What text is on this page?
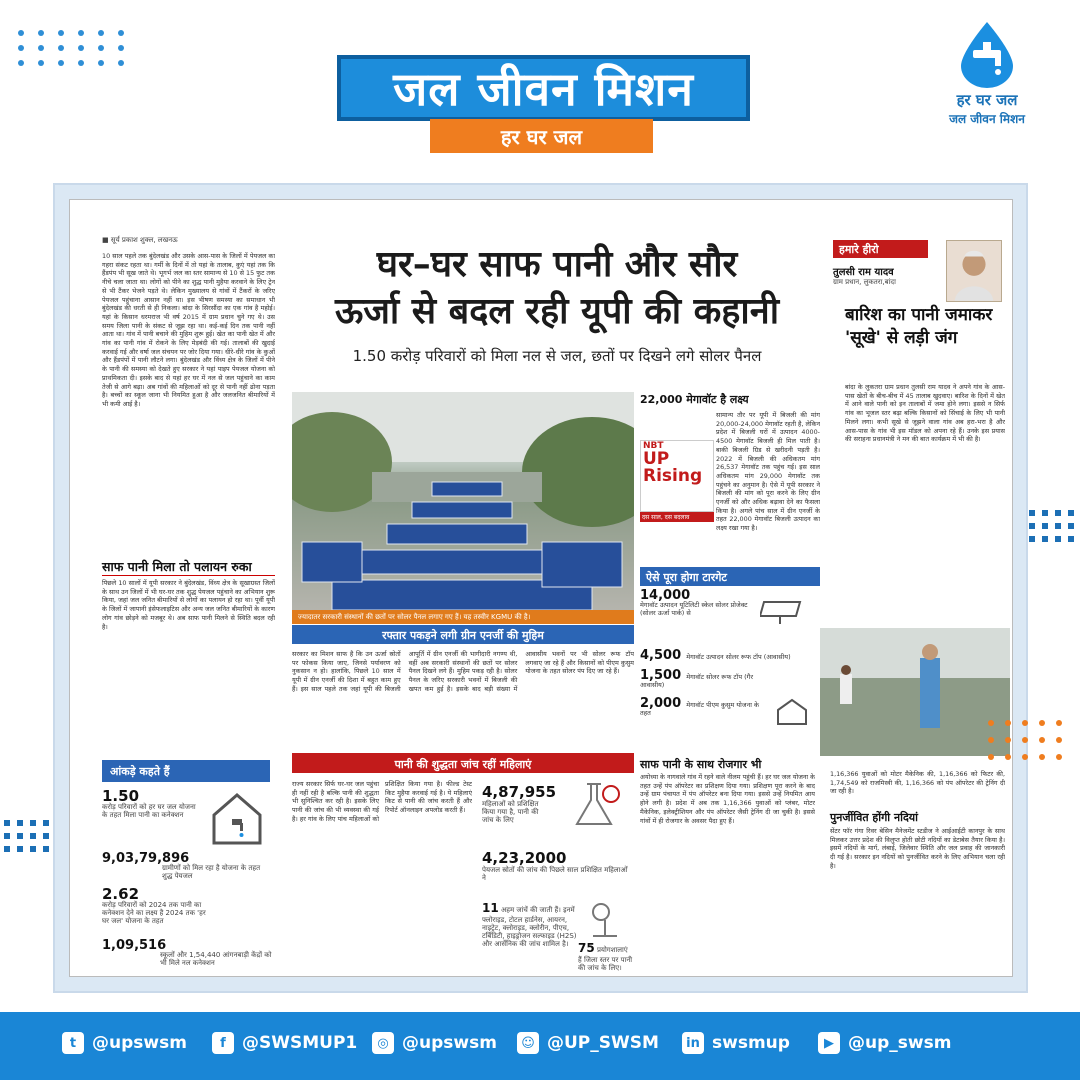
जल जीवन मिशन
हर घर जल
हर घर जल
जल जीवन मिशन
■ सूर्य प्रकाश शुक्ल, लखनऊ
10 साल पहले तक बुंदेलखंड और उसके आस-पास के जिलों में पेयजल का गहरा संकट रहता था। गर्मी के दिनों में तो यहां के तालाब, कुएं यहां तक कि हैंडपंप भी सूख जाते थे। भूगर्भ जल का स्तर सामान्य से 10 से 15 फुट तक नीचे चला जाता था। लोगों को पीने का शुद्ध पानी मुहैया करवाने के लिए ट्रेन से भी टैंकर भेजने पड़ते थे। लेकिन मुख्यालय से गांवों में टैंकरों के जरिए पेयजल पहुंचाना आसान नहीं था। इस भीषण समस्या का समाधान भी बुंदेलखंड की धरती से ही निकला। बांदा के सिरसौंदा का एक गांव है महोई। यहां के किसान धरमराज भी वर्ष 2015 में ग्राम प्रधान चुने गए थे। उस समय जिला पानी के संकट से जूझ रहा था। कई-कई दिन तक पानी नहीं आता था। गांव में पानी बचाने की मुहिम शुरू हुई। खेत का पानी खेत में और गांव का पानी गांव में रोकने के लिए मेड़बंदी की गई। तालाबों की खुदाई करवाई गई और वर्षा जल संचयन पर जोर दिया गया। धीरे-धीरे गांव के कुओं और हैंडपंपों में पानी लौटने लगा। बुंदेलखंड और विंध्य क्षेत्र के जिलों में पीने के पानी की समस्या को देखते हुए सरकार ने यहां पाइप पेयजल योजना को प्राथमिकता दी। इसके बाद से यहां हर घर में नल से जल पहुंचाने का काम तेजी से आगे बढ़ा। अब गांवों की महिलाओं को दूर से पानी नहीं ढोना पड़ता है। बच्चों का स्कूल जाना भी नियमित हुआ है और जलजनित बीमारियों में भी कमी आई है।
साफ पानी मिला तो पलायन रुका
पिछले 10 सालों में यूपी सरकार ने बुंदेलखंड, विंध्य क्षेत्र के सूखाग्रस्त जिलों के साथ उन जिलों में भी घर-घर तक शुद्ध पेयजल पहुंचाने का अभियान शुरू किया, जहां जल जनित बीमारियों से लोगों का पलायन हो रहा था। पूर्वी यूपी के जिलों में जापानी इंसेफलाइटिस और अन्य जल जनित बीमारियों के कारण लोग गांव छोड़ने को मजबूर थे। अब साफ पानी मिलने से स्थिति बदल रही है।
आंकड़े कहते हैं
1.50
करोड़ परिवारों को हर घर जल योजना के तहत मिला पानी का कनेक्शन
9,03,79,896
ग्रामीणों को मिल रहा है योजना के तहत शुद्ध पेयजल
2.62
करोड़ परिवारों को 2024 तक पानी का कनेक्शन देने का लक्ष्य है 2024 तक 'हर घर जल' योजना के तहत
1,09,516
स्कूलों और 1,54,440 आंगनबाड़ी केंद्रों को भी मिले नल कनेक्शन
घर–घर साफ पानी और सौर
ऊर्जा से बदल रही यूपी की कहानी
1.50 करोड़ परिवारों को मिला नल से जल, छतों पर दिखने लगे सोलर पैनल
हमारे हीरो
तुलसी राम यादव
ग्राम प्रधान, लुकतरा,बांदा
बारिश का पानी जमाकर 'सूखे' से लड़ी जंग
बांदा के लुकतरा ग्राम प्रधान तुलसी राम यादव ने अपने गांव के आस-पास खेतों के बीच-बीच में 45 तालाब खुदवाए। बारिश के दिनों में खेत में आने वाले पानी को इन तालाबों में जमा होने लगा। इससे न सिर्फ गांव का भूजल स्तर बढ़ा बल्कि किसानों को सिंचाई के लिए भी पानी मिलने लगा। कभी सूखे से जूझने वाला गांव अब हरा-भरा है और आस-पास के गांव भी इस मॉडल को अपना रहे हैं। उनके इस प्रयास की सराहना प्रधानमंत्री ने मन की बात कार्यक्रम में भी की है।
ज्यादातर सरकारी संस्थानों की छतों पर सोलर पैनल लगाए गए हैं। यह तस्वीर KGMU की है।
22,000 मेगावॉट है लक्ष्य
सामान्य तौर पर यूपी में बिजली की मांग 20,000-24,000 मेगावॉट रहती है, लेकिन प्रदेश में बिजली घरों में उत्पादन 4000-4500 मेगावॉट बिजली ही मिल पाती है। बाकी बिजली ग्रिड से खरीदनी पड़ती है। 2022 में बिजली की अधिकतम मांग 26,537 मेगावॉट तक पहुंच गई। इस साल अधिकतम मांग 29,000 मेगावॉट तक पहुंचने का अनुमान है। ऐसे में यूपी सरकार ने बिजली की मांग को पूरा करने के लिए ग्रीन एनर्जी को और अधिक बढ़ावा देने का फैसला किया है। अगले पांच साल में ग्रीन एनर्जी के तहत 22,000 मेगावॉट बिजली उत्पादन का लक्ष्य रखा गया है।
NBT
UP
Rising
दस साल, दस बदलाव
ऐसे पूरा होगा टारगेट
14,000
मेगावॉट उत्पादन यूटिलिटी स्केल सोलर प्रोजेक्ट (सोलर ऊर्जा पार्क) से
4,500 मेगावॉट उत्पादन सोलर रूफ टॉप (आवासीय)
1,500 मेगावॉट सोलर रूफ टॉप (गैर आवासीय)
2,000 मेगावॉट पीएम कुसुम योजना के तहत
रफ्तार पकड़ने लगी ग्रीन एनर्जी की मुहिम
सरकार का मिशन साफ है कि उन ऊर्जा स्रोतों पर फोकस किया जाए, जिनसे पर्यावरण को नुकसान न हो। हालांकि, पिछले 10 साल में यूपी में ग्रीन एनर्जी की दिशा में बहुत काम हुए हैं। इस साल पहले तक जहां यूपी की बिजली आपूर्ति में ग्रीन एनर्जी की भागीदारी नगण्य थी, वहीं अब सरकारी संस्थानों की छतों पर सोलर पैनल दिखने लगे हैं। मुहिम पकड़ रही है। सोलर पैनल के जरिए सरकारी भवनों में बिजली की खपत कम हुई है। इसके बाद बड़ी संख्या में आवासीय भवनों पर भी सोलर रूफ टॉप लगवाए जा रहे हैं और किसानों को पीएम कुसुम योजना के तहत सोलर पंप दिए जा रहे हैं।
पानी की शुद्धता जांच रहीं महिलाएं
राज्य सरकार सिर्फ घर-घर जल पहुंचा ही नहीं रही है बल्कि पानी की शुद्धता भी सुनिश्चित कर रही है। इसके लिए पानी की जांच की भी व्यवस्था की गई है। हर गांव के लिए पांच महिलाओं को प्रशिक्षित किया गया है। फील्ड टेस्ट किट मुहैया करवाई गई है। ये महिलाएं किट से पानी की जांच करती हैं और रिपोर्ट ऑनलाइन अपलोड करती हैं।
4,87,955
महिलाओं को प्रशिक्षित किया गया है, पानी की जांच के लिए
4,23,2000
पेयजल स्रोतों की जांच की पिछले साल प्रशिक्षित महिलाओं ने
11 अहम जांचें की जाती हैं। इनमें फ्लोराइड, टोटल हार्डनेस, आयरन, नाइट्रेट, क्लोराइड, क्लोरीन, पीएच, टर्बिडिटी, हाइड्रोजन सल्फाइड (H2S) और आर्सेनिक की जांच शामिल है। 75 प्रयोगशालाएं हैं जिला स्तर पर पानी की जांच के लिए।
साफ पानी के साथ रोजगार भी
अयोध्या के नागवाले गांव में रहने वाले नीलम पहुंची हैं। हर घर जल योजना के तहत उन्हें पंप ऑपरेटर का प्रशिक्षण दिया गया। प्रशिक्षण पूरा करने के बाद उन्हें ग्राम पंचायत में पंप ऑपरेटर बना दिया गया। इससे उन्हें नियमित आय होने लगी है। प्रदेश में अब तक 1,16,366 युवाओं को प्लंबर, मोटर मैकेनिक, इलेक्ट्रीशियन और पंप ऑपरेटर जैसी ट्रेनिंग दी जा चुकी है। इससे गांवों में ही रोजगार के अवसर पैदा हुए हैं।
1,16,366 युवाओं को मोटर मैकेनिक की, 1,16,366 को फिटर की, 1,74,549 को राजमिस्त्री की, 1,16,366 को पंप ऑपरेटर की ट्रेनिंग दी जा रही है।
पुनर्जीवित होंगी नदियां
सेंटर फॉर गंगा रिवर बेसिन मैनेजमेंट स्टडीज ने आईआईटी कानपुर के साथ मिलकर उत्तर प्रदेश की विलुप्त होती छोटी नदियों का डेटाबेस तैयार किया है। इसमें नदियों के मार्ग, लंबाई, जिलेवार स्थिति और जल प्रवाह की जानकारी दी गई है। सरकार इन नदियों को पुनर्जीवित करने के लिए अभियान चला रही है।
t @upswsm	f @SWSMUP1	◎ @upswsm	☺ @UP_SWSM	in swsmup	▶ @up_swsm
